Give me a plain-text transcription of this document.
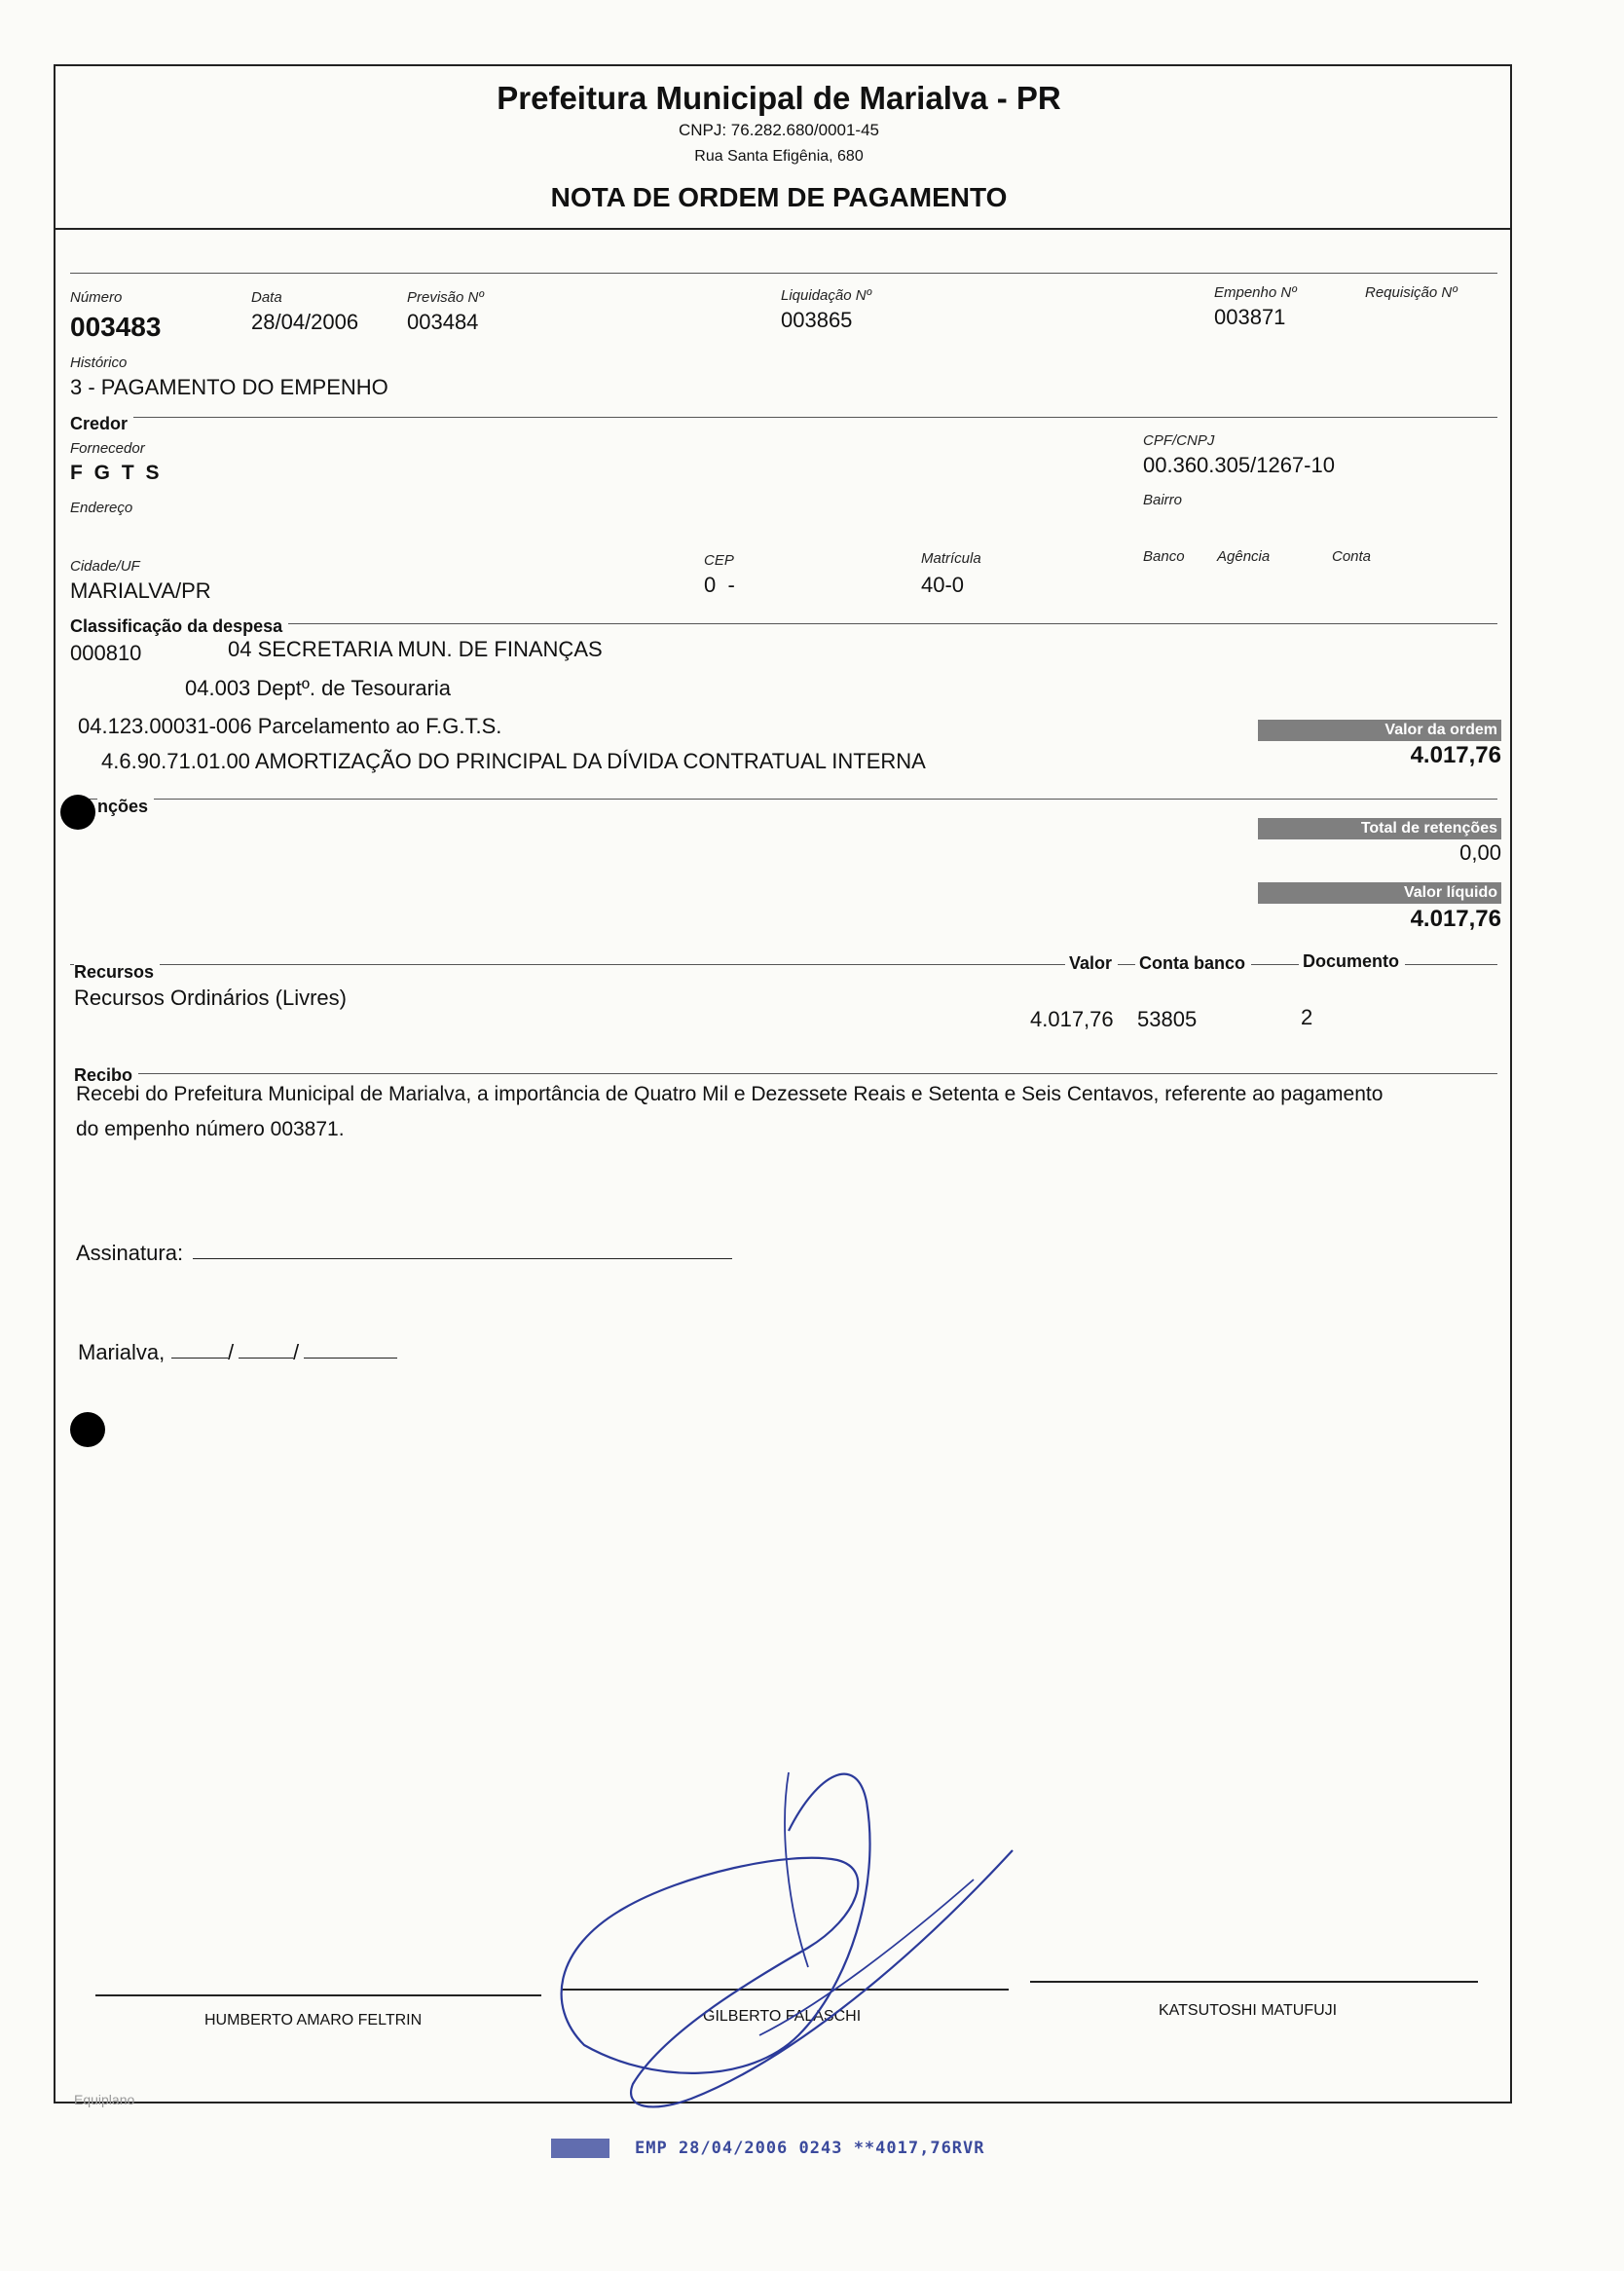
Prefeitura Municipal de Marialva - PR
CNPJ: 76.282.680/0001-45
Rua Santa Efigênia, 680
NOTA DE ORDEM DE PAGAMENTO
Número
003483
Data
28/04/2006
Previsão Nº
003484
Liquidação Nº
003865
Empenho Nº
003871
Requisição Nº
Histórico
3 - PAGAMENTO DO EMPENHO
Credor
Fornecedor
F G T S
CPF/CNPJ
00.360.305/1267-10
Endereço	Bairro
Cidade/UF
MARIALVA/PR
CEP
0  -
Matrícula
40-0
Banco Agência	Conta
Classificação da despesa
000810	04 SECRETARIA MUN. DE FINANÇAS
04.003 Deptº. de Tesouraria
04.123.00031-006 Parcelamento ao F.G.T.S.
4.6.90.71.01.00 AMORTIZAÇÃO DO PRINCIPAL DA DÍVIDA CONTRATUAL INTERNA
Valor da ordem
4.017,76
nções
Total de retenções
0,00
Valor líquido
4.017,76
Recursos	Valor	Conta banco	Documento
Recursos Ordinários (Livres)
4.017,76 53805	2
Recibo
Recebi do Prefeitura Municipal de Marialva, a importância de Quatro Mil e Dezessete Reais e Setenta e Seis Centavos, referente ao pagamento
do empenho número 003871.
Assinatura:
Marialva,	/	/
HUMBERTO AMARO FELTRIN	GILBERTO FALASCHI	KATSUTOSHI MATUFUJI
Equiplano
EMP 28/04/2006 0243 **4017,76RVR
